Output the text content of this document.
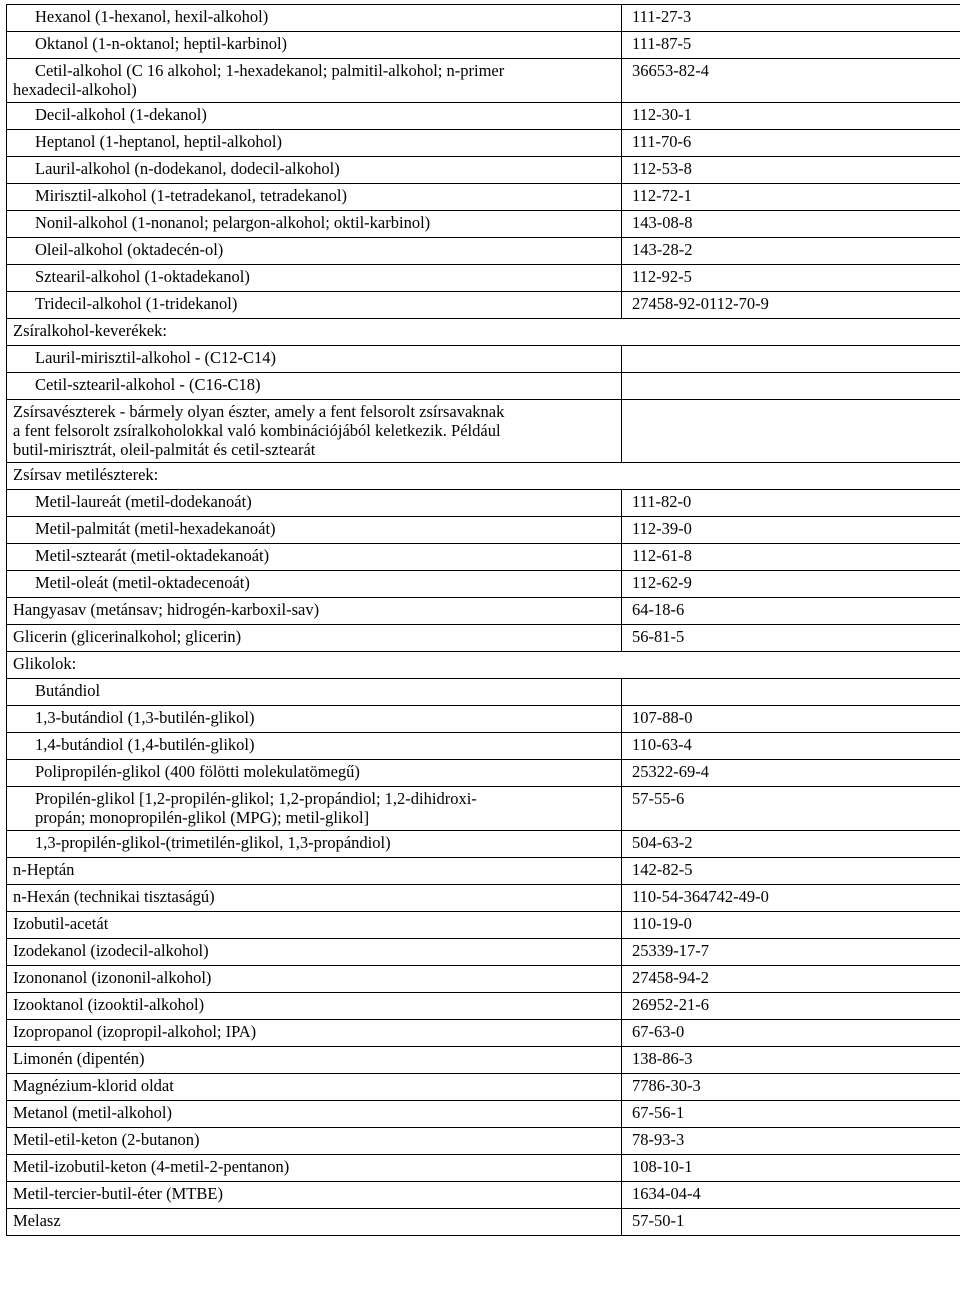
Hexanol (1-hexanol, hexil-alkohol)	111-27-3
Oktanol (1-n-oktanol; heptil-karbinol)	111-87-5

Cetil-alkohol (C 16 alkohol; 1-hexadekanol; palmitil-alkohol; n-primer
hexadecil-alkohol)	36653-82-4
Decil-alkohol (1-dekanol)	112-30-1
Heptanol (1-heptanol, heptil-alkohol)	111-70-6
Lauril-alkohol (n-dodekanol, dodecil-alkohol)	112-53-8
Mirisztil-alkohol (1-tetradekanol, tetradekanol)	112-72-1
Nonil-alkohol (1-nonanol; pelargon-alkohol; oktil-karbinol)	143-08-8
Oleil-alkohol (oktadecén-ol)	143-28-2
Sztearil-alkohol (1-oktadekanol)	112-92-5
Tridecil-alkohol (1-tridekanol)	27458-92-0112-70-9
Zsíralkohol-keverékek:	
Lauril-mirisztil-alkohol - (C12-C14)	
Cetil-sztearil-alkohol - (C16-C18)	

Zsírsavészterek - bármely olyan észter, amely a fent felsorolt zsírsavaknak
a fent felsorolt zsíralkoholokkal való kombinációjából keletkezik. Például
butil-mirisztrát, oleil-palmitát és cetil-sztearát	

Zsírsav metilészterek:	
Metil-laureát (metil-dodekanoát)	111-82-0
Metil-palmitát (metil-hexadekanoát)	112-39-0
Metil-sztearát (metil-oktadekanoát)	112-61-8
Metil-oleát (metil-oktadecenoát)	112-62-9
Hangyasav (metánsav; hidrogén-karboxil-sav)	64-18-6
Glicerin (glicerinalkohol; glicerin)	56-81-5
Glikolok:	
Butándiol	
1,3-butándiol (1,3-butilén-glikol)	107-88-0
1,4-butándiol (1,4-butilén-glikol)	110-63-4
Polipropilén-glikol (400 fölötti molekulatömegű)	25322-69-4

Propilén-glikol [1,2-propilén-glikol; 1,2-propándiol; 1,2-dihidroxi-
propán; monopropilén-glikol (MPG); metil-glikol]	57-55-6
1,3-propilén-glikol-(trimetilén-glikol, 1,3-propándiol)	504-63-2
n-Heptán	142-82-5
n-Hexán (technikai tisztaságú)	110-54-364742-49-0
Izobutil-acetát	110-19-0
Izodekanol (izodecil-alkohol)	25339-17-7
Izononanol (izononil-alkohol)	27458-94-2
Izooktanol (izooktil-alkohol)	26952-21-6
Izopropanol (izopropil-alkohol; IPA)	67-63-0
Limonén (dipentén)	138-86-3
Magnézium-klorid oldat	7786-30-3
Metanol (metil-alkohol)	67-56-1
Metil-etil-keton (2-butanon)	78-93-3
Metil-izobutil-keton (4-metil-2-pentanon)	108-10-1
Metil-tercier-butil-éter (MTBE)	1634-04-4
Melasz	57-50-1
